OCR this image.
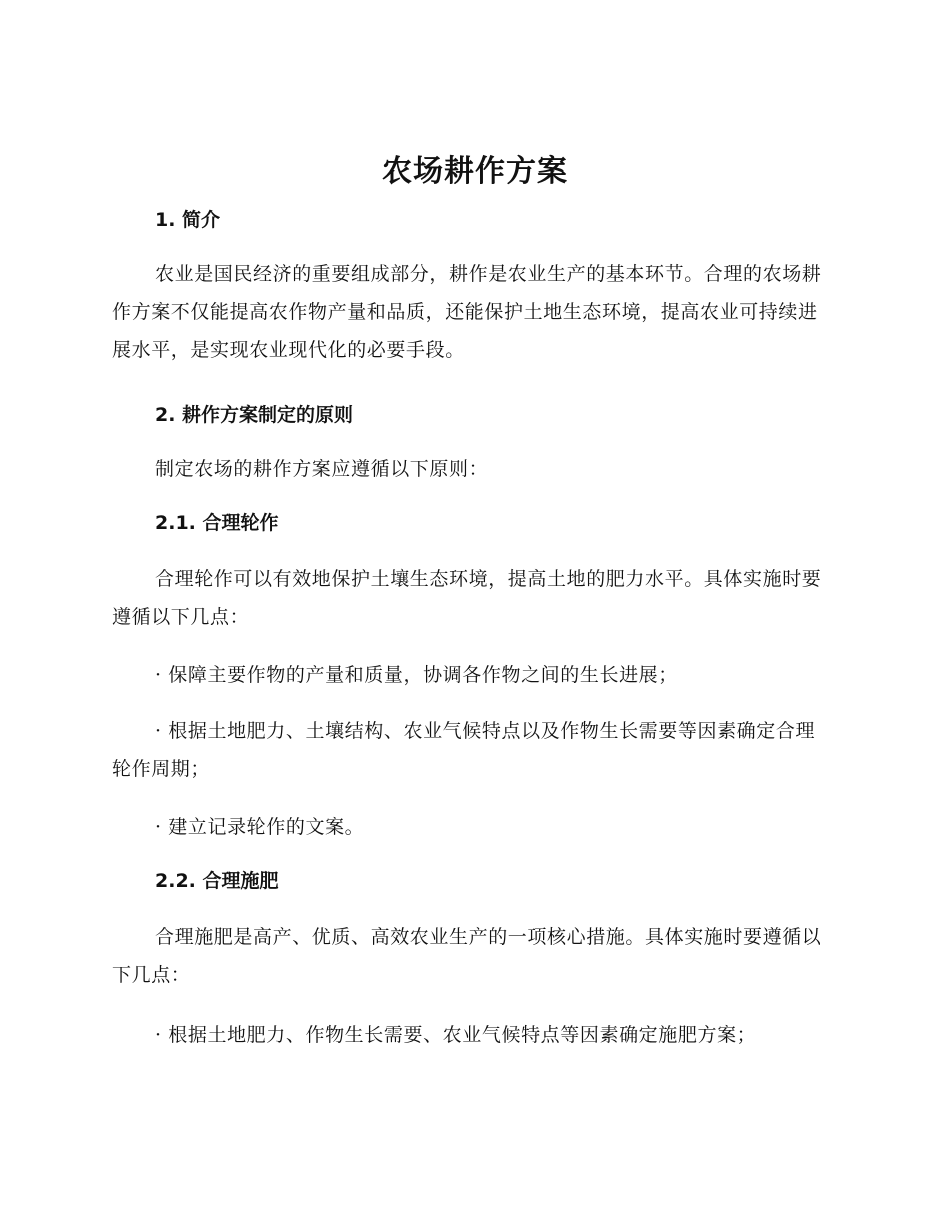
农场耕作方案
1. 简介

农业是国民经济的重要组成部分，耕作是农业生产的基本环节。合理的农场耕作方案不仅能提高农作物产量和品质，还能保护土地生态环境，提高农业可持续进展水平，是实现农业现代化的必要手段。

2. 耕作方案制定的原则

制定农场的耕作方案应遵循以下原则：

2.1. 合理轮作

合理轮作可以有效地保护土壤生态环境，提高土地的肥力水平。具体实施时要遵循以下几点：

· 保障主要作物的产量和质量，协调各作物之间的生长进展；

· 根据土地肥力、土壤结构、农业气候特点以及作物生长需要等因素确定合理轮作周期；

· 建立记录轮作的文案。

2.2. 合理施肥

合理施肥是高产、优质、高效农业生产的一项核心措施。具体实施时要遵循以下几点：

· 根据土地肥力、作物生长需要、农业气候特点等因素确定施肥方案；
